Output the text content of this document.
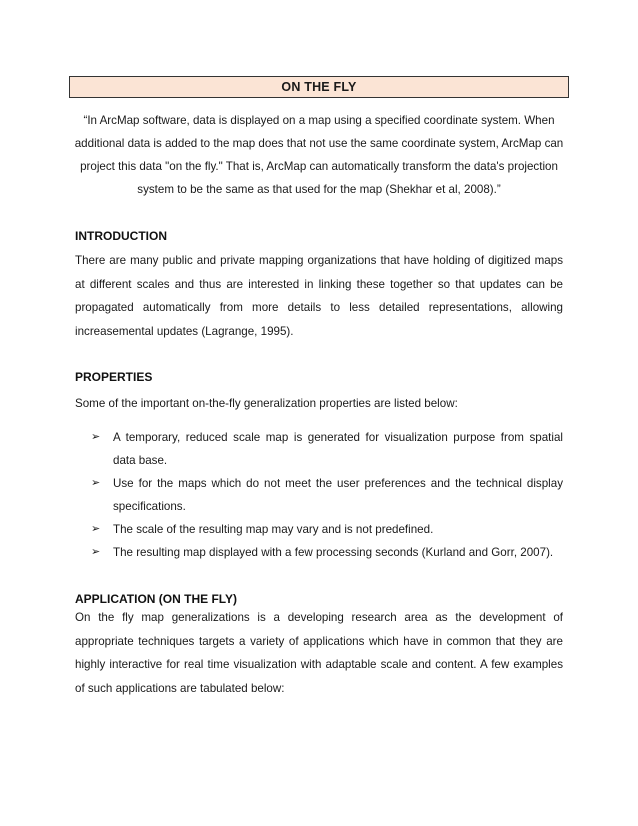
ON THE FLY

“In ArcMap software, data is displayed on a map using a specified coordinate system. When additional data is added to the map does that not use the same coordinate system, ArcMap can project this data "on the fly." That is, ArcMap can automatically transform the data's projection system to be the same as that used for the map (Shekhar et al, 2008).”

INTRODUCTION

There are many public and private mapping organizations that have holding of digitized maps at different scales and thus are interested in linking these together so that updates can be propagated automatically from more details to less detailed representations, allowing increasemental updates (Lagrange, 1995).

PROPERTIES

Some of the important on-the-fly generalization properties are listed below:

➢ A temporary, reduced scale map is generated for visualization purpose from spatial data base.
➢ Use for the maps which do not meet the user preferences and the technical display specifications.
➢ The scale of the resulting map may vary and is not predefined.
➢ The resulting map displayed with a few processing seconds (Kurland and Gorr, 2007).
APPLICATION (ON THE FLY)

On the fly map generalizations is a developing research area as the development of appropriate techniques targets a variety of applications which have in common that they are highly interactive for real time visualization with adaptable scale and content. A few examples of such applications are tabulated below:
